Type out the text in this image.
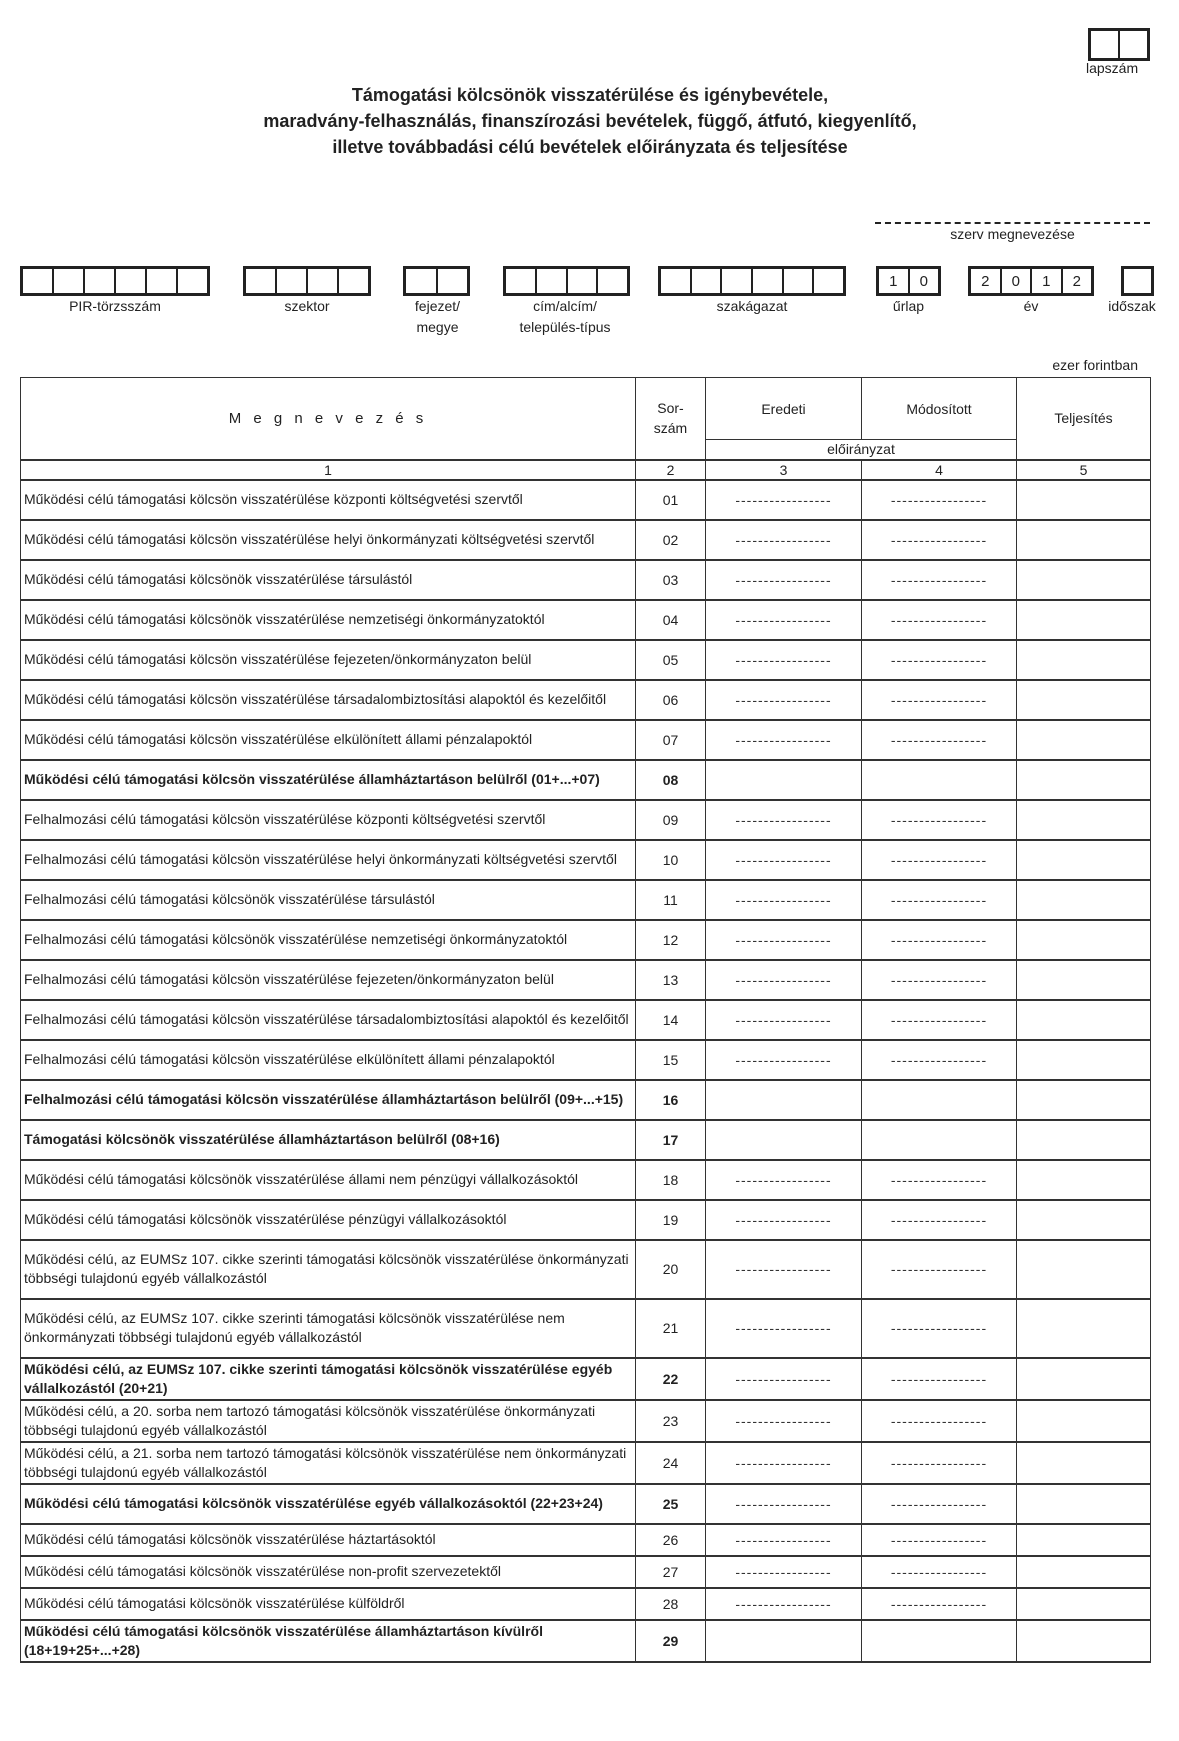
lapszám
Támogatási kölcsönök visszatérülése és igénybevétele,
maradvány-felhasználás, finanszírozási bevételek, függő, átfutó, kiegyenlítő,
illetve továbbadási célú bevételek előirányzata és teljesítése
szerv megnevezése
PIR-törzsszám	szektor	fejezet/
megye
cím/alcím/
település-típus
szakágazat
1	0
űrlap
2	0	1	2
év	időszak
ezer forintban
M e g n e v e z é s	Sor-
szám	Eredeti	Módosított	Teljesítés
		előirányzat		
1	2	3	4	5
Működési célú támogatási kölcsön visszatérülése központi költségvetési szervtől	01	-----------------	-----------------	
Működési célú támogatási kölcsön visszatérülése helyi önkormányzati költségvetési szervtől	02	-----------------	-----------------	
Működési célú támogatási kölcsönök visszatérülése társulástól	03	-----------------	-----------------	
Működési célú támogatási kölcsönök visszatérülése nemzetiségi önkormányzatoktól	04	-----------------	-----------------	
Működési célú támogatási kölcsön visszatérülése fejezeten/önkormányzaton belül	05	-----------------	-----------------	
Működési célú támogatási kölcsön visszatérülése társadalombiztosítási alapoktól és kezelőitől	06	-----------------	-----------------	
Működési célú támogatási kölcsön visszatérülése elkülönített állami pénzalapoktól	07	-----------------	-----------------	
Működési célú támogatási kölcsön visszatérülése államháztartáson belülről (01+...+07)	08			
Felhalmozási célú támogatási kölcsön visszatérülése központi költségvetési szervtől	09	-----------------	-----------------	
Felhalmozási célú támogatási kölcsön visszatérülése helyi önkormányzati költségvetési szervtől	10	-----------------	-----------------	
Felhalmozási célú támogatási kölcsönök visszatérülése társulástól	11	-----------------	-----------------	
Felhalmozási célú támogatási kölcsönök visszatérülése nemzetiségi önkormányzatoktól	12	-----------------	-----------------	
Felhalmozási célú támogatási kölcsön visszatérülése fejezeten/önkormányzaton belül	13	-----------------	-----------------	
Felhalmozási célú támogatási kölcsön visszatérülése társadalombiztosítási alapoktól és kezelőitől	14	-----------------	-----------------	
Felhalmozási célú támogatási kölcsön visszatérülése elkülönített állami pénzalapoktól	15	-----------------	-----------------	
Felhalmozási célú támogatási kölcsön visszatérülése államháztartáson belülről (09+...+15)	16			
Támogatási kölcsönök visszatérülése államháztartáson belülről (08+16)	17			
Működési célú támogatási kölcsönök visszatérülése állami nem pénzügyi vállalkozásoktól	18	-----------------	-----------------	
Működési célú támogatási kölcsönök visszatérülése pénzügyi vállalkozásoktól	19	-----------------	-----------------	
Működési célú, az EUMSz 107. cikke szerinti támogatási kölcsönök visszatérülése önkormányzati többségi tulajdonú egyéb vállalkozástól	20	-----------------	-----------------	
Működési célú, az EUMSz 107. cikke szerinti támogatási kölcsönök visszatérülése nem önkormányzati többségi tulajdonú egyéb vállalkozástól	21	-----------------	-----------------	
Működési célú, az EUMSz 107. cikke szerinti támogatási kölcsönök visszatérülése egyéb vállalkozástól (20+21)	22	-----------------	-----------------	
Működési célú, a 20. sorba nem tartozó támogatási kölcsönök visszatérülése önkormányzati többségi tulajdonú egyéb vállalkozástól	23	-----------------	-----------------	
Működési célú, a 21. sorba nem tartozó támogatási kölcsönök visszatérülése nem önkormányzati többségi tulajdonú egyéb vállalkozástól	24	-----------------	-----------------	
Működési célú támogatási kölcsönök visszatérülése egyéb vállalkozásoktól (22+23+24)	25	-----------------	-----------------	
Működési célú támogatási kölcsönök visszatérülése háztartásoktól	26	-----------------	-----------------	
Működési célú támogatási kölcsönök visszatérülése non-profit szervezetektől	27	-----------------	-----------------	
Működési célú támogatási kölcsönök visszatérülése külföldről	28	-----------------	-----------------	
Működési célú támogatási kölcsönök visszatérülése államháztartáson kívülről (18+19+25+...+28)	29			
